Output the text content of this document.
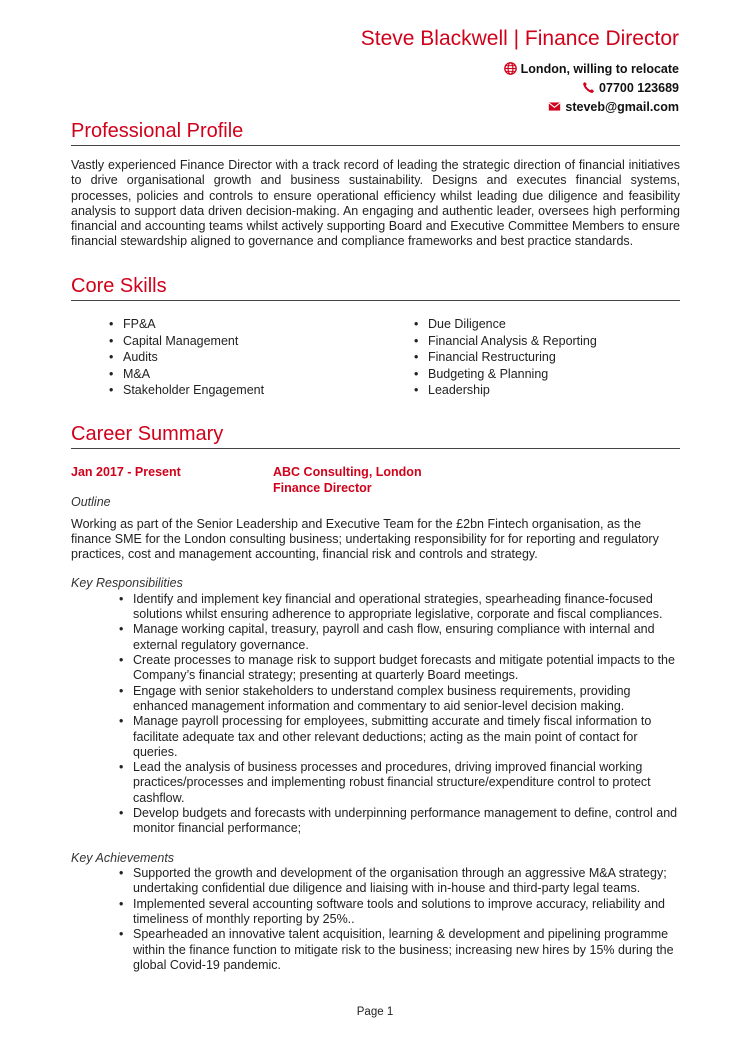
Steve Blackwell | Finance Director
London, willing to relocate
07700 123689
steveb@gmail.com
Professional Profile

Vastly experienced Finance Director with a track record of leading the strategic direction of financial initiatives to drive organisational growth and business sustainability. Designs and executes financial systems, processes, policies and controls to ensure operational efficiency whilst leading due diligence and feasibility analysis to support data driven decision-making. An engaging and authentic leader, oversees high performing financial and accounting teams whilst actively supporting Board and Executive Committee Members to ensure financial stewardship aligned to governance and compliance frameworks and best practice standards.

Core Skills
• FP&A
• Capital Management
• Audits
• M&A
• Stakeholder Engagement
• Due Diligence
• Financial Analysis & Reporting
• Financial Restructuring
• Budgeting & Planning
• Leadership
Career Summary
Jan 2017 - Present	ABC Consulting, London
Finance Director
Outline

Working as part of the Senior Leadership and Executive Team for the £2bn Fintech organisation, as the finance SME for the London consulting business; undertaking responsibility for for reporting and regulatory practices, cost and management accounting, financial risk and controls and strategy.

Key Responsibilities
• Identify and implement key financial and operational strategies, spearheading finance-focused solutions whilst ensuring adherence to appropriate legislative, corporate and fiscal compliances.
• Manage working capital, treasury, payroll and cash flow, ensuring compliance with internal and external regulatory governance.
• Create processes to manage risk to support budget forecasts and mitigate potential impacts to the Company’s financial strategy; presenting at quarterly Board meetings.
• Engage with senior stakeholders to understand complex business requirements, providing enhanced management information and commentary to aid senior-level decision making.
• Manage payroll processing for employees, submitting accurate and timely fiscal information to facilitate adequate tax and other relevant deductions; acting as the main point of contact for queries.
• Lead the analysis of business processes and procedures, driving improved financial working practices/processes and implementing robust financial structure/expenditure control to protect cashflow.
• Develop budgets and forecasts with underpinning performance management to define, control and monitor financial performance;
Key Achievements
• Supported the growth and development of the organisation through an aggressive M&A strategy; undertaking confidential due diligence and liaising with in-house and third-party legal teams.
• Implemented several accounting software tools and solutions to improve accuracy, reliability and timeliness of monthly reporting by 25%..
• Spearheaded an innovative talent acquisition, learning & development and pipelining programme within the finance function to mitigate risk to the business; increasing new hires by 15% during the global Covid-19 pandemic.
Page 1
